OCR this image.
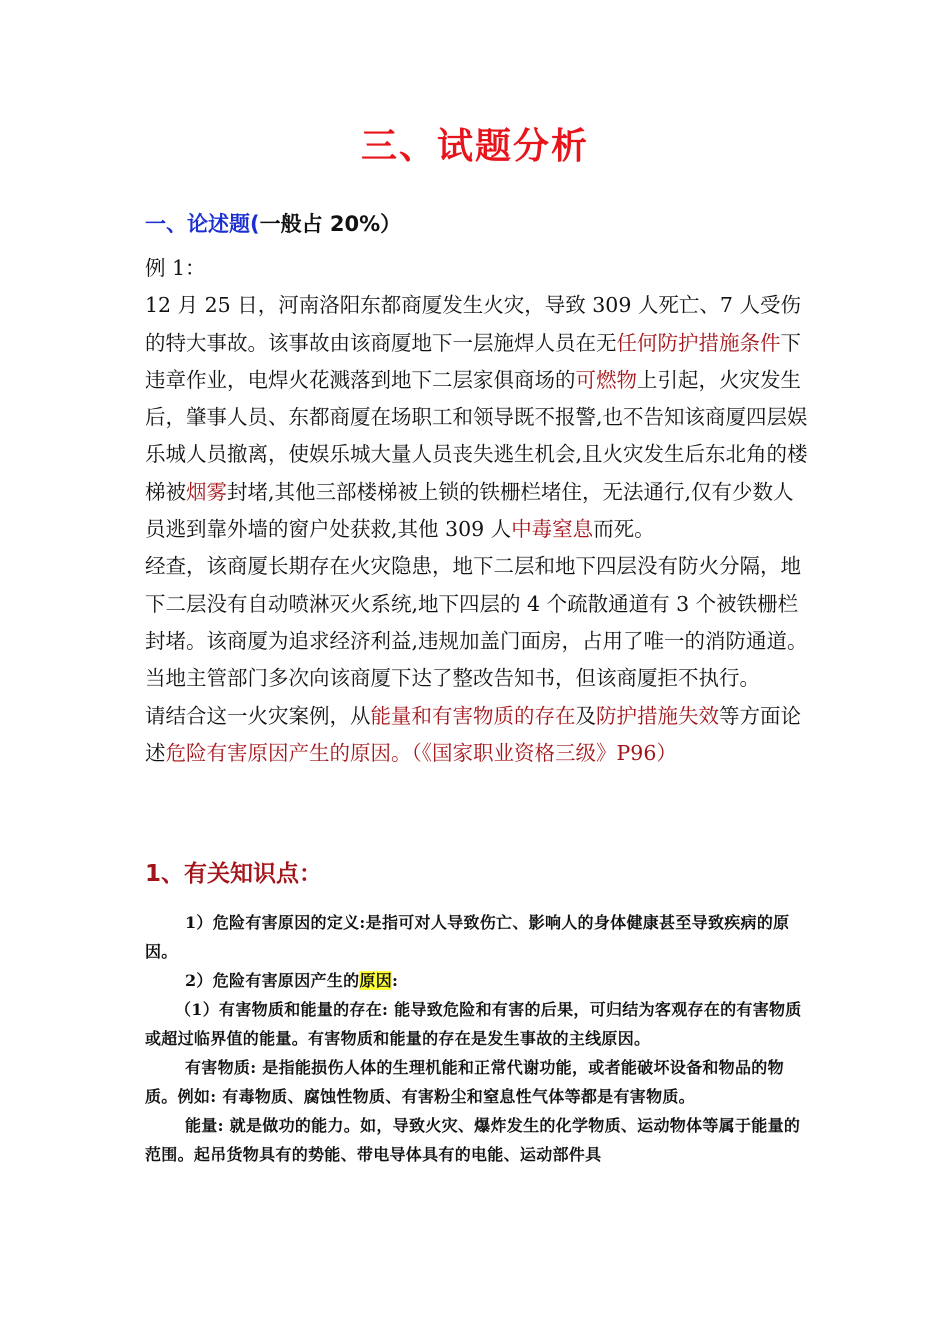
三、试题分析
一、论述题(一般占 20%）

例 1：

12 月 25 日，河南洛阳东都商厦发生火灾，导致 309 人死亡、7 人受伤的特大事故。该事故由该商厦地下一层施焊人员在无任何防护措施条件下违章作业，电焊火花溅落到地下二层家俱商场的可燃物上引起，火灾发生后，肇事人员、东都商厦在场职工和领导既不报警,也不告知该商厦四层娱乐城人员撤离，使娱乐城大量人员丧失逃生机会,且火灾发生后东北角的楼梯被烟雾封堵,其他三部楼梯被上锁的铁栅栏堵住，无法通行,仅有少数人员逃到靠外墙的窗户处获救,其他 309 人中毒窒息而死。

经查，该商厦长期存在火灾隐患，地下二层和地下四层没有防火分隔，地下二层没有自动喷淋灭火系统,地下四层的 4 个疏散通道有 3 个被铁栅栏封堵。该商厦为追求经济利益,违规加盖门面房，占用了唯一的消防通道。当地主管部门多次向该商厦下达了整改告知书，但该商厦拒不执行。

请结合这一火灾案例，从能量和有害物质的存在及防护措施失效等方面论述危险有害原因产生的原因。（《国家职业资格三级》P96）

1、有关知识点：

1）危险有害原因的定义:是指可对人导致伤亡、影响人的身体健康甚至导致疾病的原因。

2）危险有害原因产生的原因:

（1）有害物质和能量的存在: 能导致危险和有害的后果，可归结为客观存在的有害物质或超过临界值的能量。有害物质和能量的存在是发生事故的主线原因。

有害物质: 是指能损伤人体的生理机能和正常代谢功能，或者能破坏设备和物品的物质。例如: 有毒物质、腐蚀性物质、有害粉尘和窒息性气体等都是有害物质。

能量: 就是做功的能力。如，导致火灾、爆炸发生的化学物质、运动物体等属于能量的范围。起吊货物具有的势能、带电导体具有的电能、运动部件具
